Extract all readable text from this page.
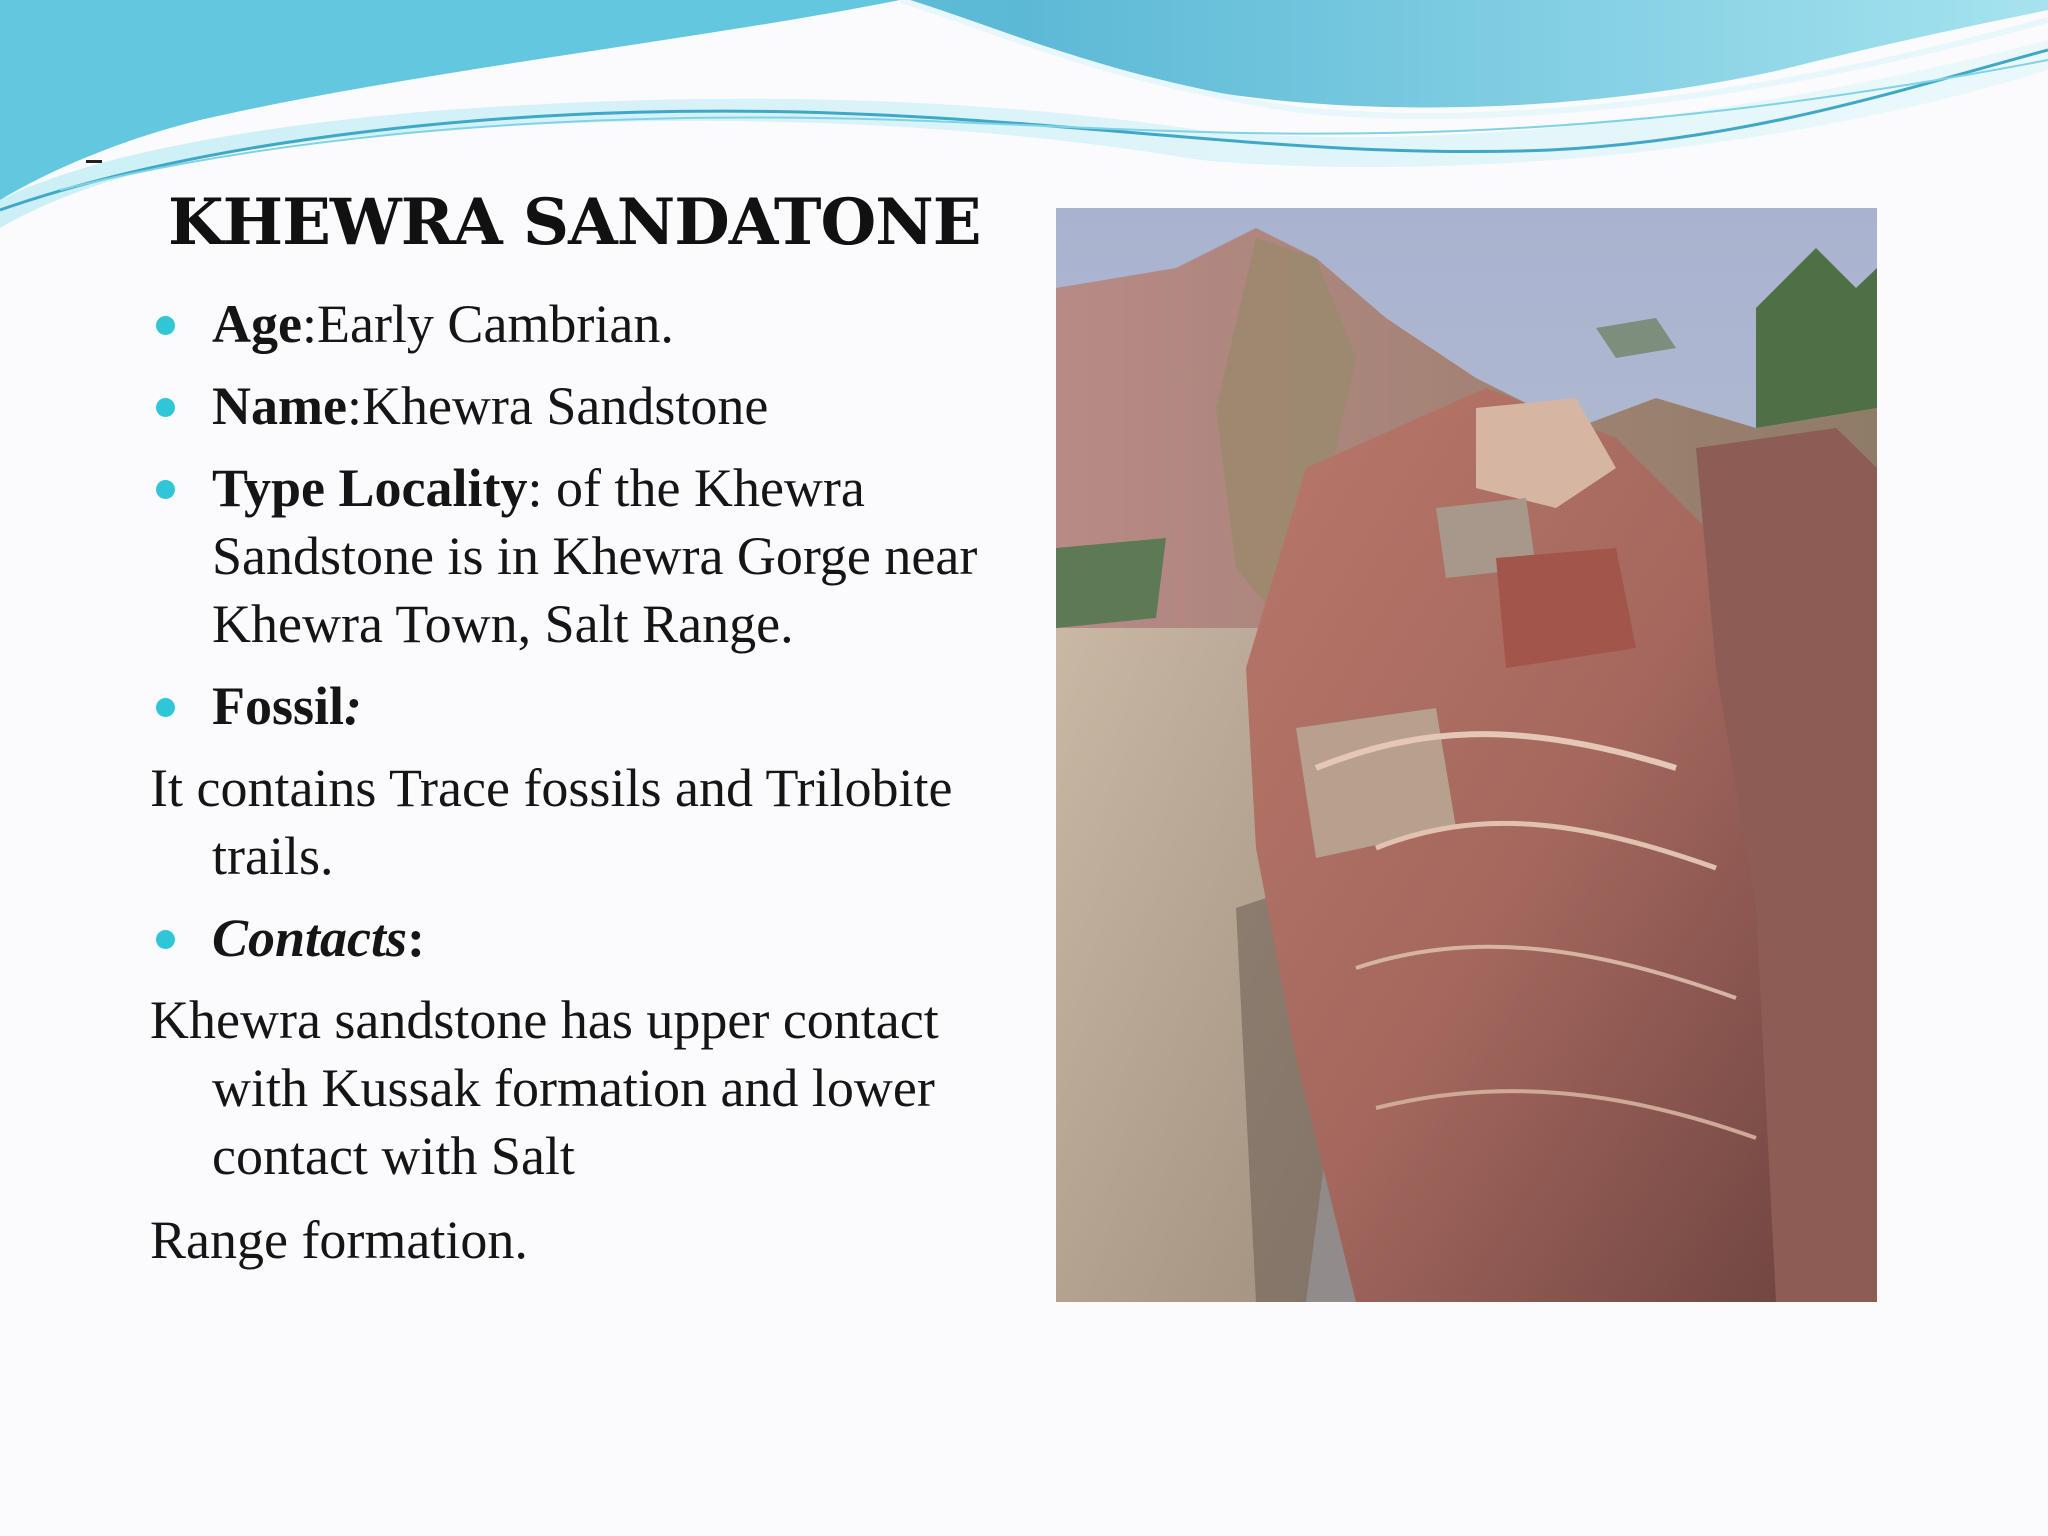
KHEWRA SANDATONE
Age:Early Cambrian.
Name:Khewra Sandstone
Type Locality: of the Khewra Sandstone is in Khewra Gorge near Khewra Town, Salt Range.
Fossil:
It contains Trace fossils and Trilobite trails.
Contacts:
Khewra sandstone has upper contact with Kussak formation and lower contact with Salt
Range formation.
